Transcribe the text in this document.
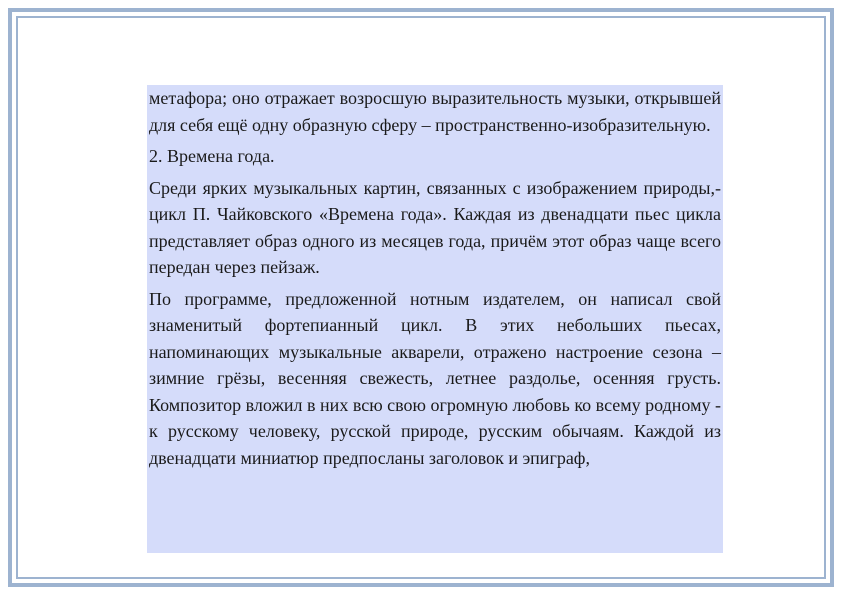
метафора; оно отражает возросшую выразительность музыки, открывшей для себя ещё одну образную сферу – пространственно-изобразительную.

2. Времена года.

Среди ярких музыкальных картин, связанных с изображением природы,- цикл П. Чайковского «Времена года». Каждая из двенадцати пьес цикла представляет образ одного из месяцев года, причём этот образ чаще всего передан через пейзаж.

По программе, предложенной нотным издателем, он написал свой знаменитый фортепианный цикл. В этих небольших пьесах, напоминающих музыкальные акварели, отражено настроение сезона – зимние грёзы, весенняя свежесть, летнее раздолье, осенняя грусть. Композитор вложил в них всю свою огромную любовь ко всему родному - к русскому человеку, русской природе, русским обычаям. Каждой из двенадцати миниатюр предпосланы заголовок и эпиграф,
